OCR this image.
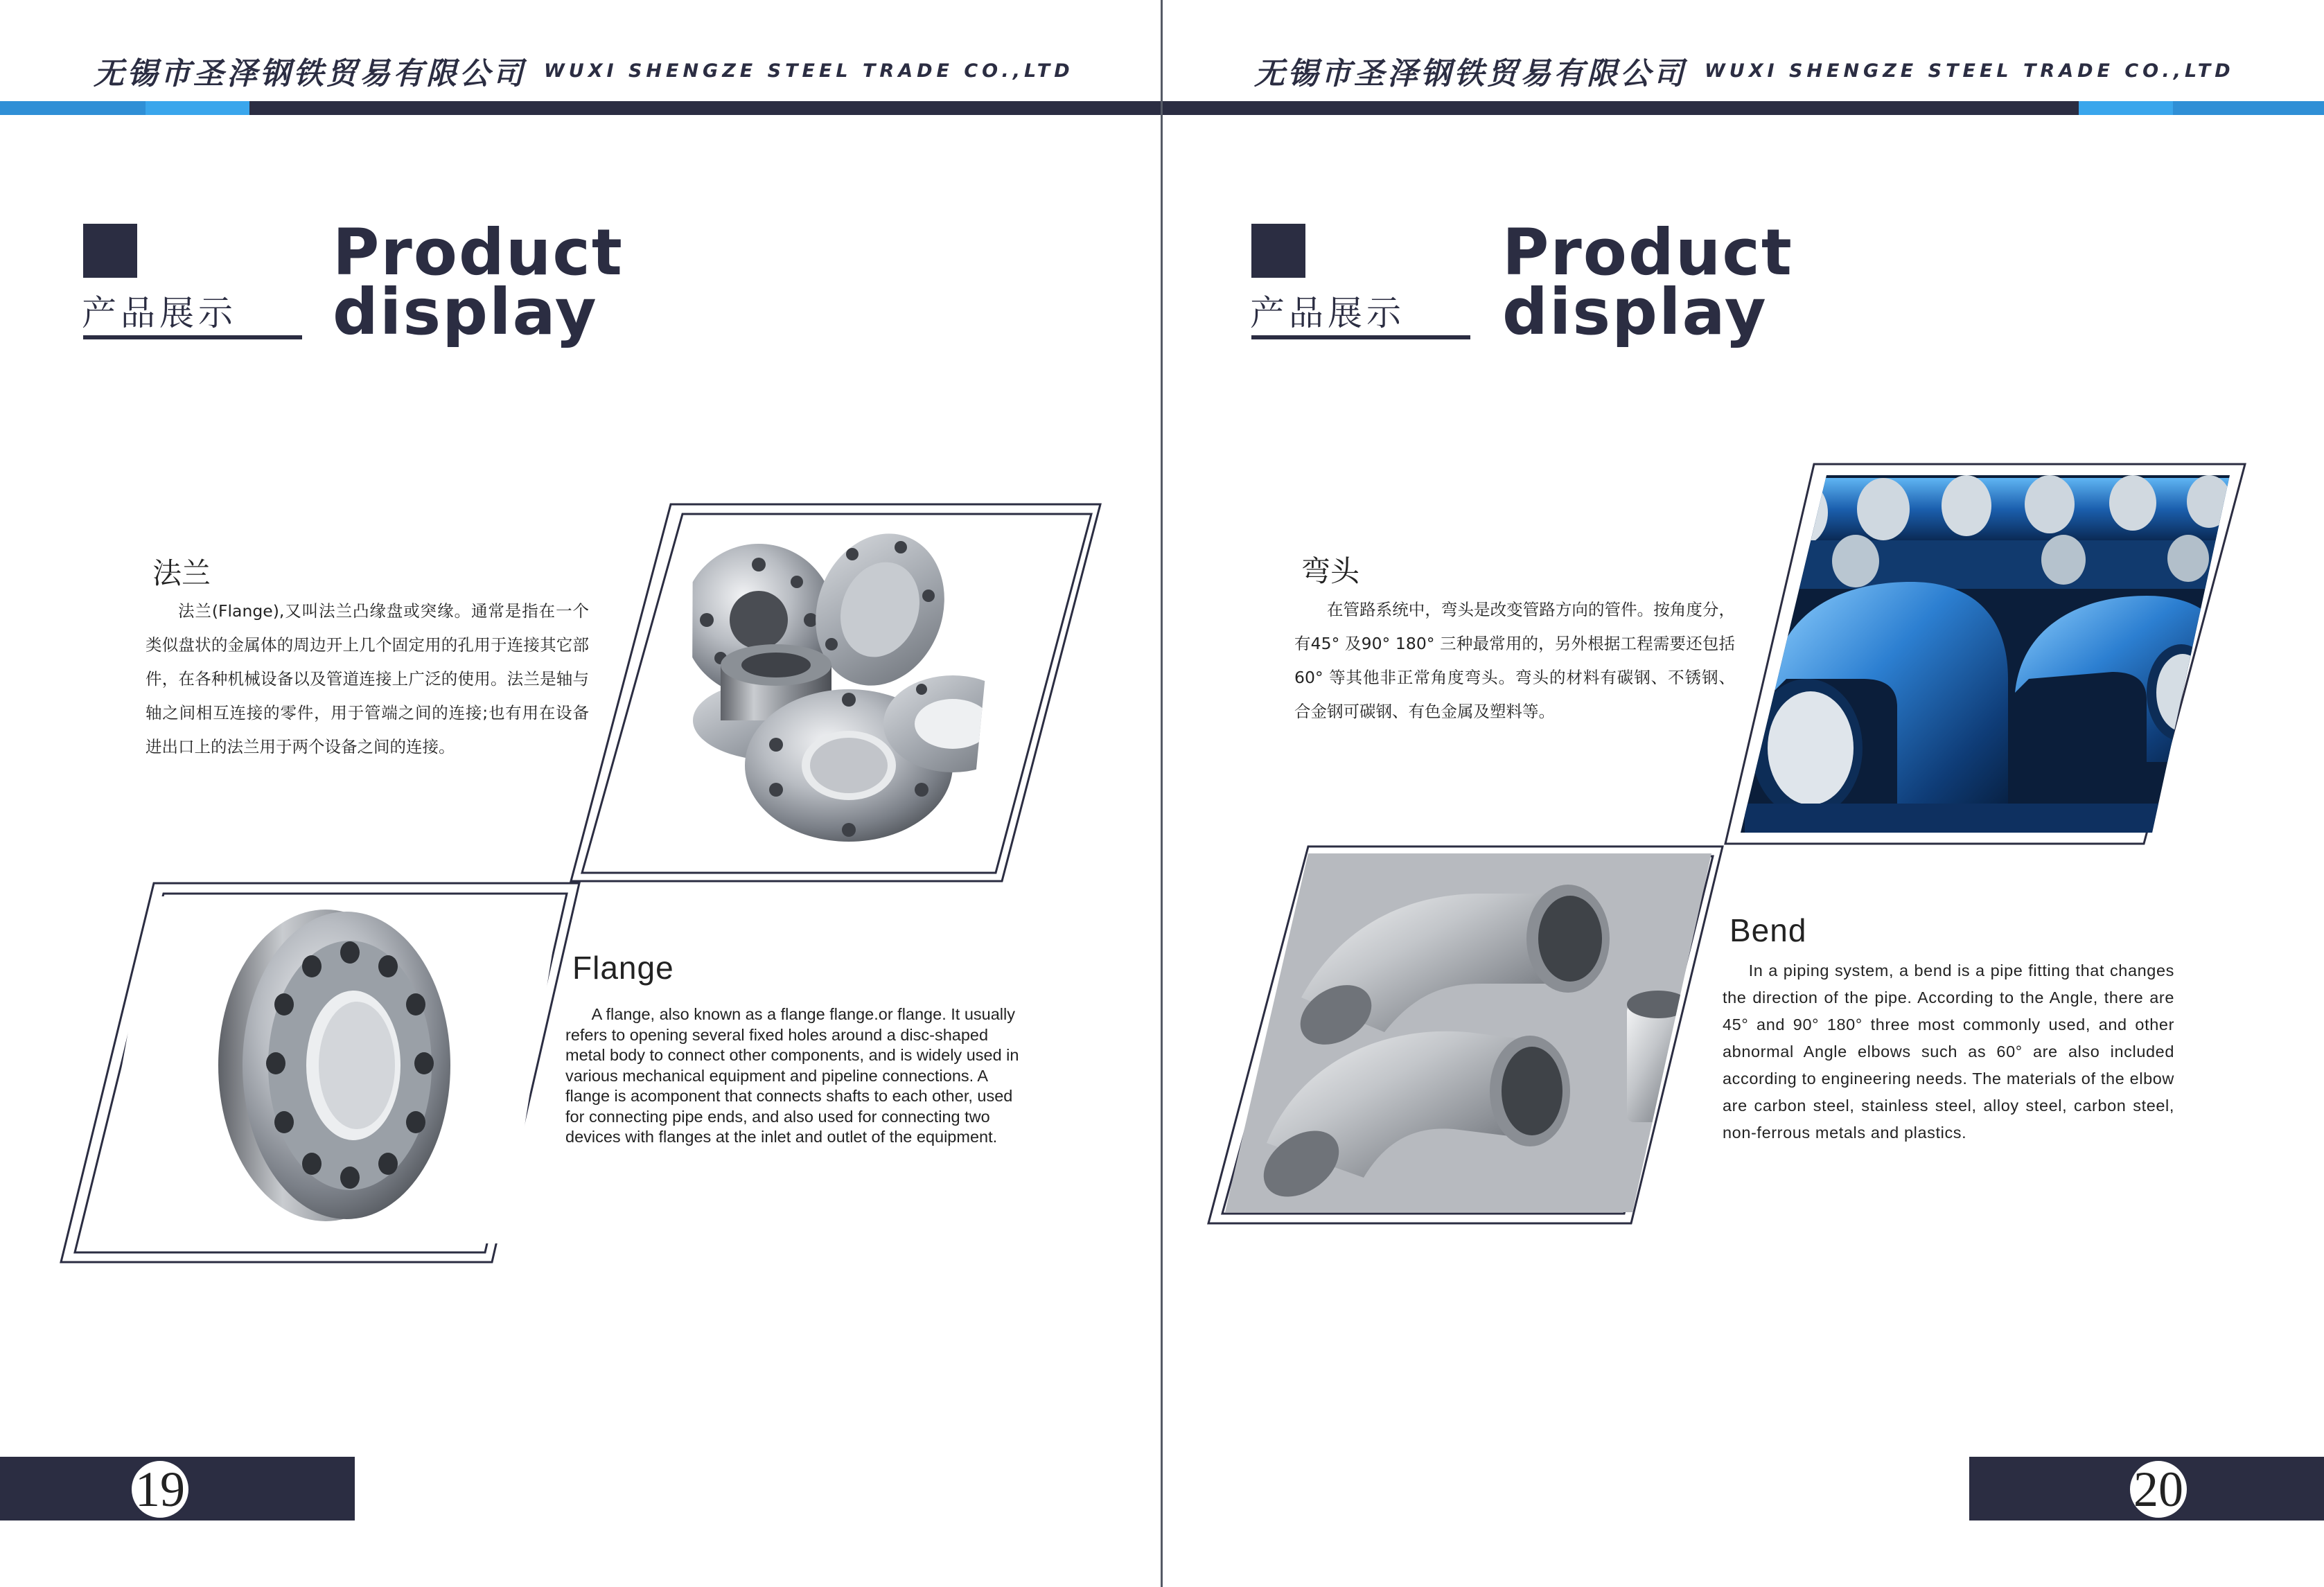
无锡市圣泽钢铁贸易有限公司 WUXI SHENGZE STEEL TRADE CO.,LTD
产品展示
Product
display
法兰
法兰(Flange),又叫法兰凸缘盘或突缘。通常是指在一个类似盘状的金属体的周边开上几个固定用的孔用于连接其它部件，在各种机械设备以及管道连接上广泛的使用。法兰是轴与轴之间相互连接的零件，用于管端之间的连接;也有用在设备进出口上的法兰用于两个设备之间的连接。
Flange
A flange, also known as a flange flange.or flange. It usually refers to opening several fixed holes around a disc-shaped metal body to connect other components, and is widely used in various mechanical equipment and pipeline connections. A flange is acomponent that connects shafts to each other, used for connecting pipe ends, and also used for connecting two devices with flanges at the inlet and outlet of the equipment.
19
无锡市圣泽钢铁贸易有限公司 WUXI SHENGZE STEEL TRADE CO.,LTD
产品展示
Product
display
弯头
在管路系统中，弯头是改变管路方向的管件。按角度分，有45° 及90° 180° 三种最常用的，另外根据工程需要还包括60° 等其他非正常角度弯头。弯头的材料有碳钢、不锈钢、合金钢可碳钢、有色金属及塑料等。
Bend
In a piping system, a bend is a pipe fitting that changes the direction of the pipe. According to the Angle, there are 45° and 90° 180° three most commonly used, and other abnormal Angle elbows such as 60° are also included according to engineering needs. The materials of the elbow are carbon steel, stainless steel, alloy steel, carbon steel, non-ferrous metals and plastics.
20
